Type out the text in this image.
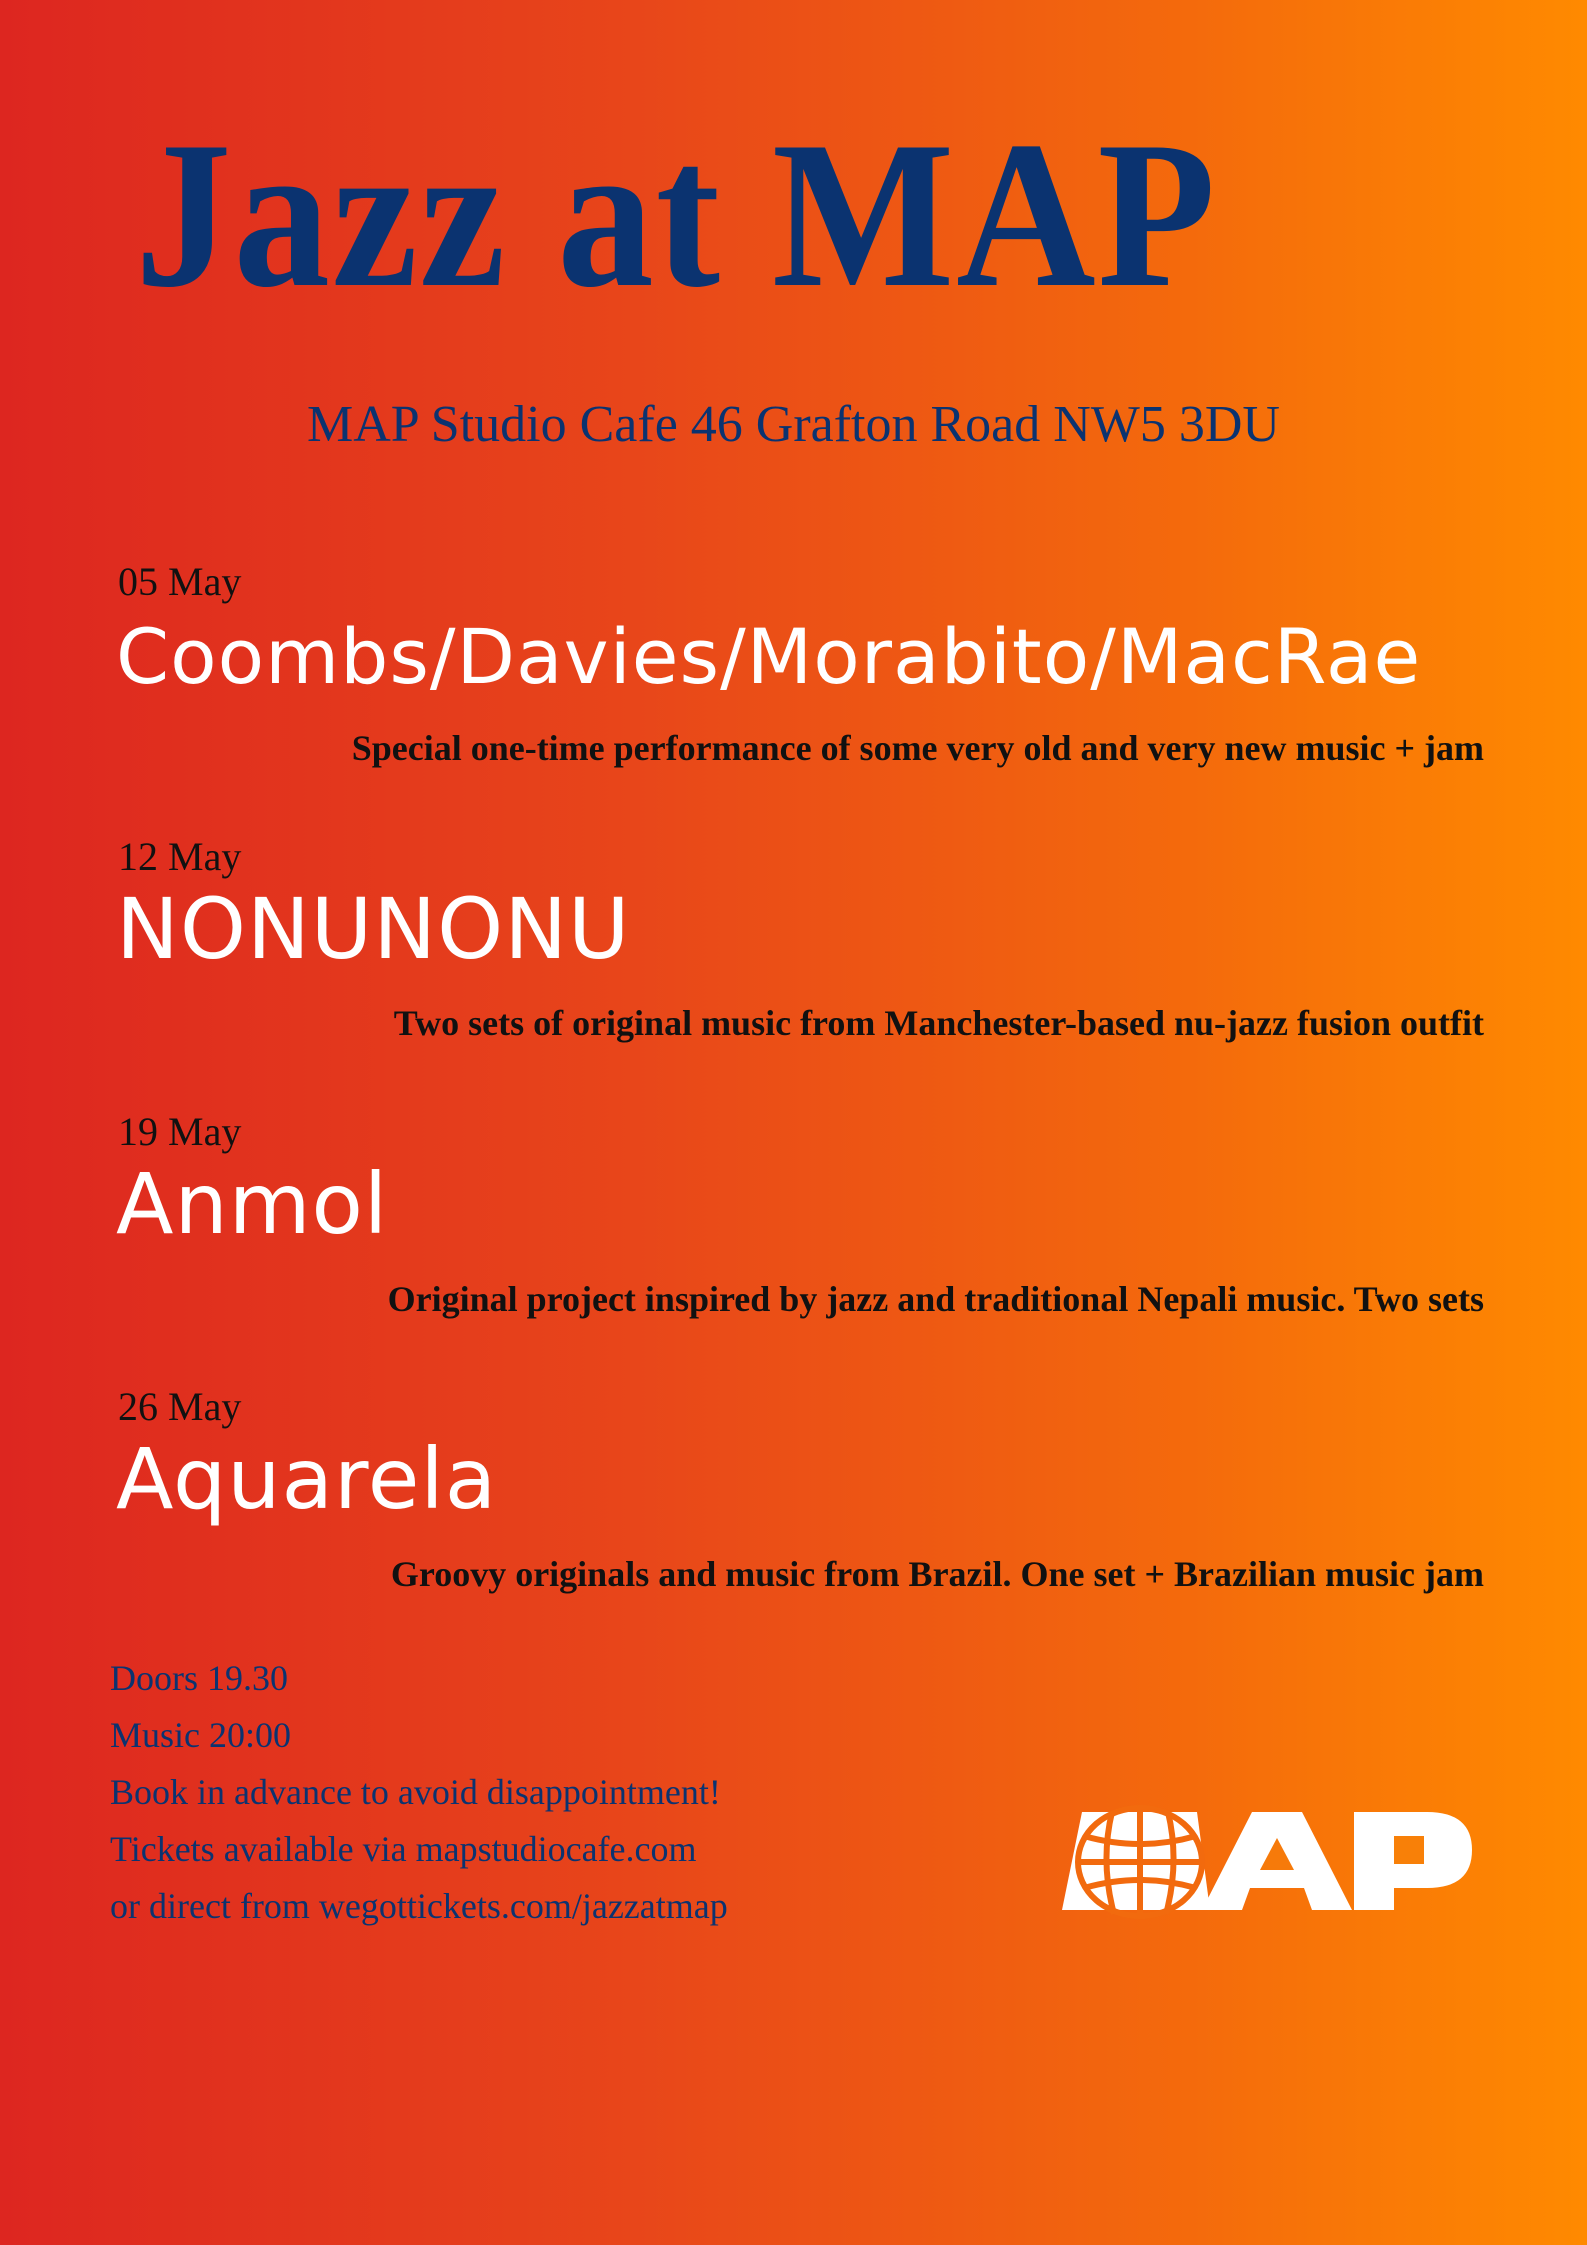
Jazz at MAP
MAP Studio Cafe 46 Grafton Road NW5 3DU
05 May
Coombs/Davies/Morabito/MacRae
Special one-time performance of some very old and very new music + jam
12 May
NONUNONU
Two sets of original music from Manchester-based nu-jazz fusion outfit
19 May
Anmol
Original project inspired by jazz and traditional Nepali music. Two sets
26 May
Aquarela
Groovy originals and music from Brazil. One set + Brazilian music jam
Doors 19.30
Music 20:00
Book in advance to avoid disappointment!
Tickets available via mapstudiocafe.com
or direct from wegottickets.com/jazzatmap
